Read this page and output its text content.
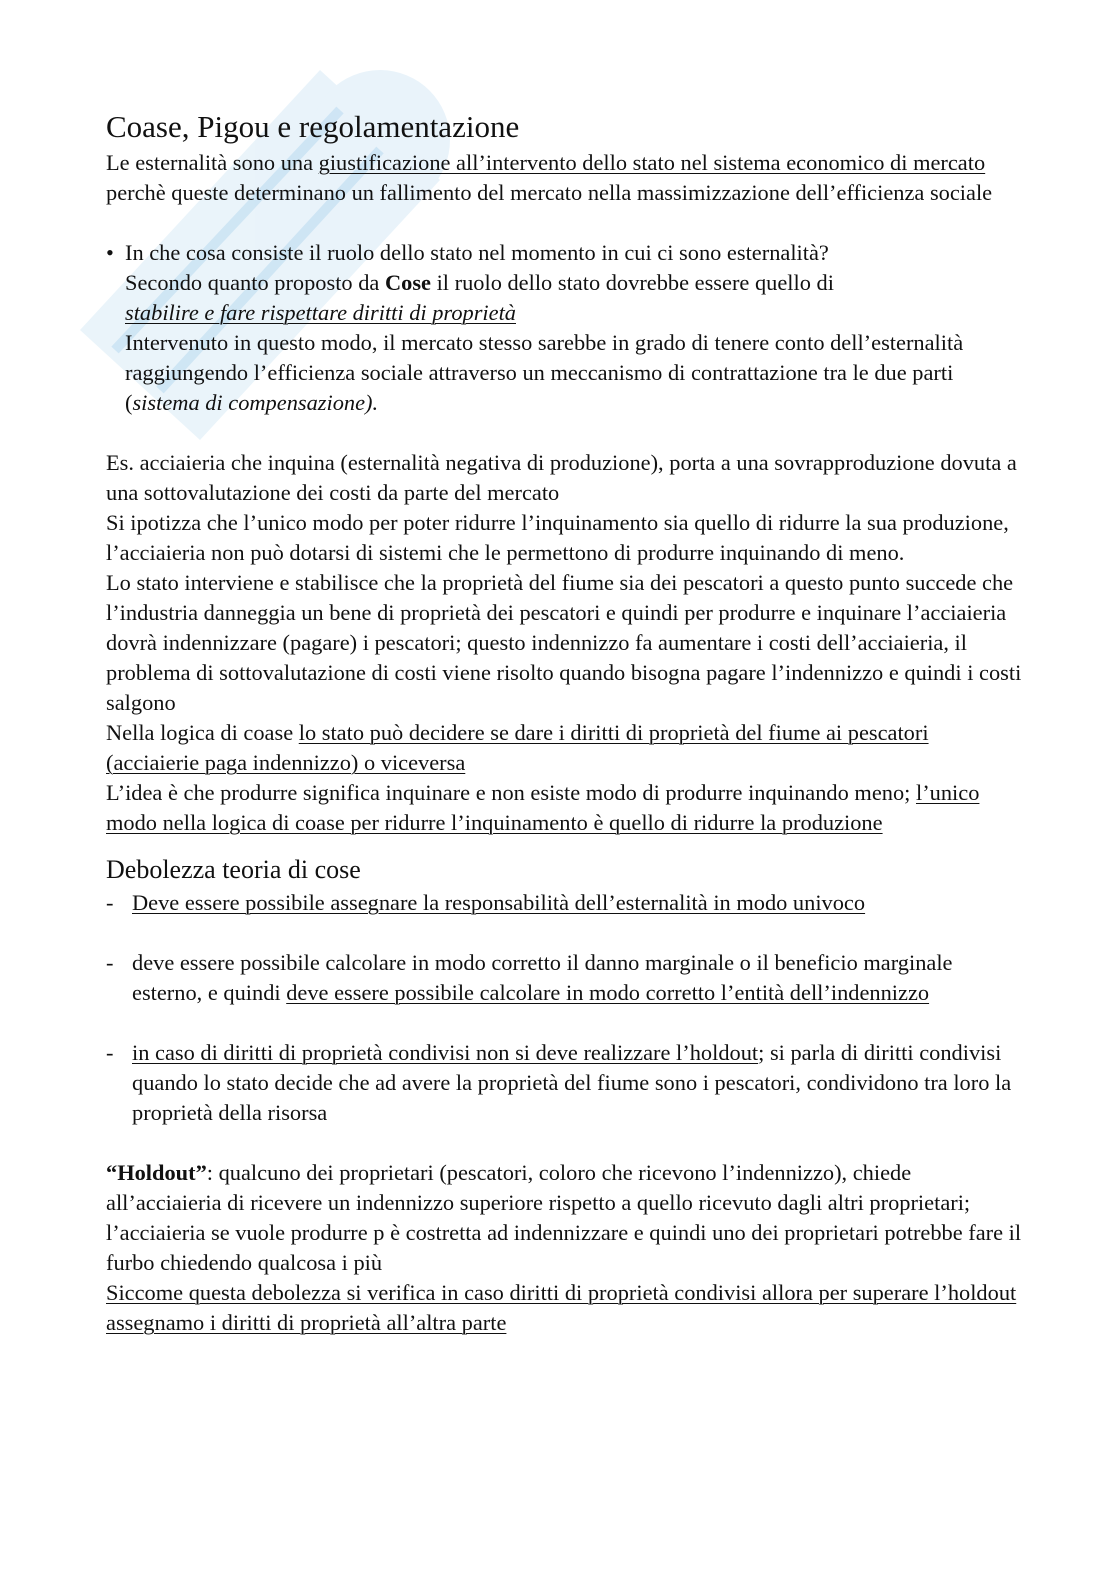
Coase, Pigou e regolamentazione

Le esternalità sono una giustificazione all’intervento dello stato nel sistema economico di mercato perchè queste determinano un fallimento del mercato nella massimizzazione dell’efficienza sociale

• In che cosa consiste il ruolo dello stato nel momento in cui ci sono esternalità?

Secondo quanto proposto da Cose il ruolo dello stato dovrebbe essere quello di

stabilire e fare rispettare diritti di proprietà

Intervenuto in questo modo, il mercato stesso sarebbe in grado di tenere conto dell’esternalità raggiungendo l’efficienza sociale attraverso un meccanismo di contrattazione tra le due parti (sistema di compensazione).

Es. acciaieria che inquina (esternalità negativa di produzione), porta a una sovrapproduzione dovuta a una sottovalutazione dei costi da parte del mercato

Si ipotizza che l’unico modo per poter ridurre l’inquinamento sia quello di ridurre la sua produzione, l’acciaieria non può dotarsi di sistemi che le permettono di produrre inquinando di meno.

Lo stato interviene e stabilisce che la proprietà del fiume sia dei pescatori a questo punto succede che l’industria danneggia un bene di proprietà dei pescatori e quindi per produrre e inquinare l’acciaieria dovrà indennizzare (pagare) i pescatori; questo indennizzo fa aumentare i costi dell’acciaieria, il problema di sottovalutazione di costi viene risolto quando bisogna pagare l’indennizzo e quindi i costi salgono

Nella logica di coase lo stato può decidere se dare i diritti di proprietà del fiume ai pescatori (acciaierie paga indennizzo) o viceversa

L’idea è che produrre significa inquinare e non esiste modo di produrre inquinando meno; l’unico modo nella logica di coase per ridurre l’inquinamento è quello di ridurre la produzione

Debolezza teoria di cose
- Deve essere possibile assegnare la responsabilità dell’esternalità in modo univoco

- deve essere possibile calcolare in modo corretto il danno marginale o il beneficio marginale esterno, e quindi deve essere possibile calcolare in modo corretto l’entità dell’indennizzo

- in caso di diritti di proprietà condivisi non si deve realizzare l’holdout; si parla di diritti condivisi quando lo stato decide che ad avere la proprietà del fiume sono i pescatori, condividono tra loro la proprietà della risorsa

“Holdout”: qualcuno dei proprietari (pescatori, coloro che ricevono l’indennizzo), chiede all’acciaieria di ricevere un indennizzo superiore rispetto a quello ricevuto dagli altri proprietari; l’acciaieria se vuole produrre p è costretta ad indennizzare e quindi uno dei proprietari potrebbe fare il furbo chiedendo qualcosa i più

Siccome questa debolezza si verifica in caso diritti di proprietà condivisi allora per superare l’holdout assegnamo i diritti di proprietà all’altra parte
